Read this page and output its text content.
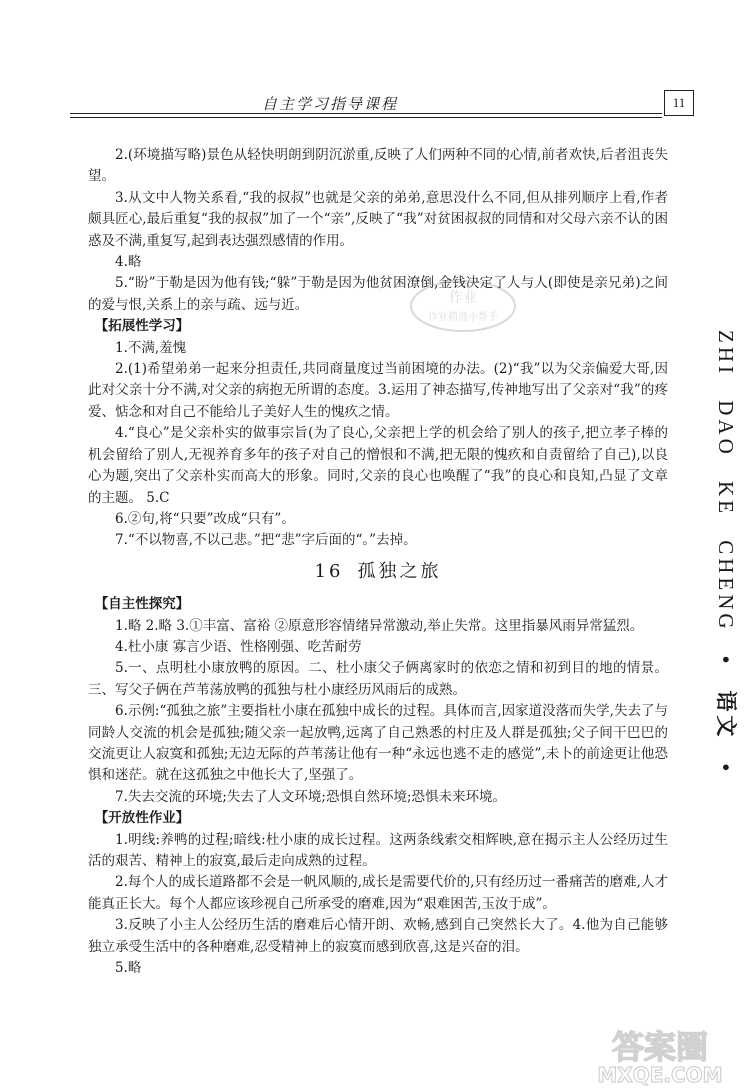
自主学习指导课程	11
ZHI DAO KE CHENG • 语文 •

2.(环境描写略)景色从轻快明朗到阴沉淤重,反映了人们两种不同的心情,前者欢快,后者沮丧失望。

3.从文中人物关系看,“我的叔叔”也就是父亲的弟弟,意思没什么不同,但从排列顺序上看,作者颇具匠心,最后重复“我的叔叔”加了一个“亲”,反映了“我”对贫困叔叔的同情和对父母六亲不认的困惑及不满,重复写,起到表达强烈感情的作用。

4.略

5.“盼”于勒是因为他有钱;“躲”于勒是因为他贫困潦倒,金钱决定了人与人(即使是亲兄弟)之间的爱与恨,关系上的亲与疏、远与近。

【拓展性学习】

1.不满,羞愧

2.(1)希望弟弟一起来分担责任,共同商量度过当前困境的办法。(2)“我”以为父亲偏爱大哥,因此对父亲十分不满,对父亲的病抱无所谓的态度。3.运用了神态描写,传神地写出了父亲对“我”的疼爱、惦念和对自己不能给儿子美好人生的愧疚之情。

4.“良心”是父亲朴实的做事宗旨(为了良心,父亲把上学的机会给了别人的孩子,把立孝子棒的机会留给了别人,无视养育多年的孩子对自己的憎恨和不满,把无限的愧疚和自责留给了自己),以良心为题,突出了父亲朴实而高大的形象。同时,父亲的良心也唤醒了“我”的良心和良知,凸显了文章的主题。 5.C

6.②句,将“只要”改成“只有”。

7.“不以物喜,不以己悲。”把“悲”字后面的“。”去掉。

16 孤独之旅

【自主性探究】

1.略 2.略 3.①丰富、富裕 ②原意形容情绪异常激动,举止失常。这里指暴风雨异常猛烈。

4.杜小康 寡言少语、性格刚强、吃苦耐劳

5.一、点明杜小康放鸭的原因。二、杜小康父子俩离家时的依恋之情和初到目的地的情景。三、写父子俩在芦苇荡放鸭的孤独与杜小康经历风雨后的成熟。

6.示例:“孤独之旅”主要指杜小康在孤独中成长的过程。具体而言,因家道没落而失学,失去了与同龄人交流的机会是孤独;随父亲一起放鸭,远离了自己熟悉的村庄及人群是孤独;父子间干巴巴的交流更让人寂寞和孤独;无边无际的芦苇荡让他有一种“永远也逃不走的感觉”,未卜的前途更让他恐惧和迷茫。就在这孤独之中他长大了,坚强了。

7.失去交流的环境;失去了人文环境;恐惧自然环境;恐惧未来环境。

【开放性作业】

1.明线:养鸭的过程;暗线:杜小康的成长过程。这两条线索交相辉映,意在揭示主人公经历过生活的艰苦、精神上的寂寞,最后走向成熟的过程。

2.每个人的成长道路都不会是一帆风顺的,成长是需要代价的,只有经历过一番痛苦的磨难,人才能真正长大。每个人都应该珍视自己所承受的磨难,因为“艰难困苦,玉汝于成”。

3.反映了小主人公经历生活的磨难后心情开朗、欢畅,感到自己突然长大了。4.他为自己能够独立承受生活中的各种磨难,忍受精神上的寂寞而感到欣喜,这是兴奋的泪。

5.略

作业
作业精选小帮手
答案圈
MXQE.COM
